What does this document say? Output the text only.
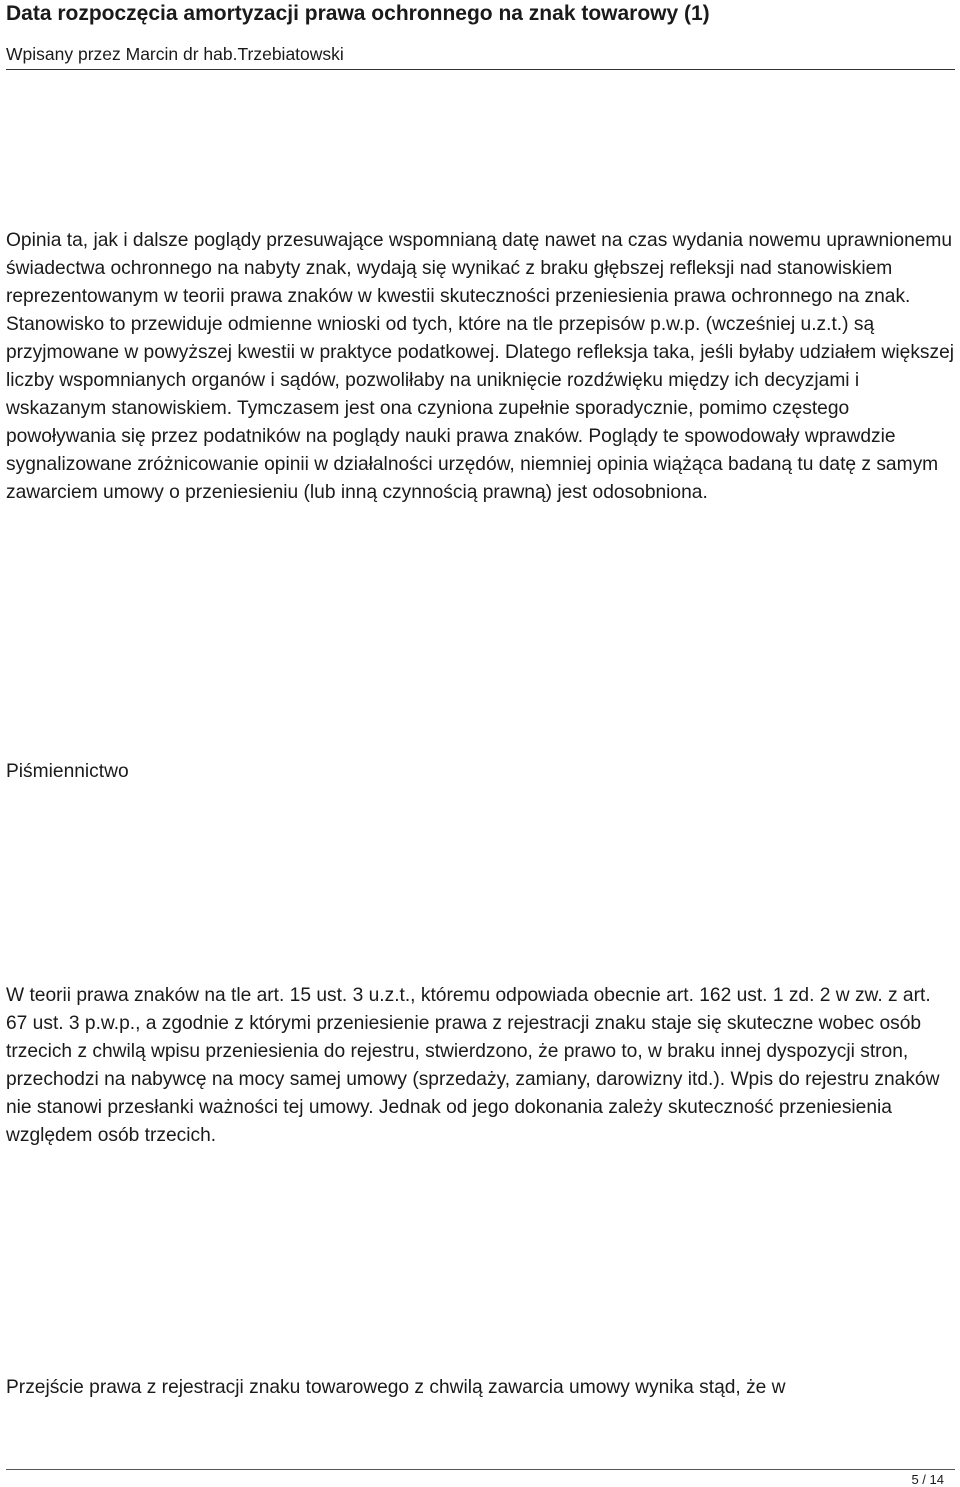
Data rozpoczęcia amortyzacji prawa ochronnego na znak towarowy (1)
Wpisany przez Marcin dr hab.Trzebiatowski

Opinia ta, jak i dalsze poglądy przesuwające wspomnianą datę nawet na czas wydania nowemu uprawnionemu świadectwa ochronnego na nabyty znak, wydają się wynikać z braku głębszej refleksji nad stanowiskiem reprezentowanym w teorii prawa znaków w kwestii skuteczności przeniesienia prawa ochronnego na znak. Stanowisko to przewiduje odmienne wnioski od tych, które na tle przepisów p.w.p. (wcześniej u.z.t.) są przyjmowane w powyższej kwestii w praktyce podatkowej. Dlatego refleksja taka, jeśli byłaby udziałem większej liczby wspomnianych organów i sądów, pozwoliłaby na uniknięcie rozdźwięku między ich decyzjami i wskazanym stanowiskiem. Tymczasem jest ona czyniona zupełnie sporadycznie, pomimo częstego powoływania się przez podatników na poglądy nauki prawa znaków. Poglądy te spowodowały wprawdzie sygnalizowane zróżnicowanie opinii w działalności urzędów, niemniej opinia wiążąca badaną tu datę z samym zawarciem umowy o przeniesieniu (lub inną czynnością prawną) jest odosobniona.

Piśmiennictwo

W teorii prawa znaków na tle art. 15 ust. 3 u.z.t., któremu odpowiada obecnie art. 162 ust. 1 zd. 2 w zw. z art. 67 ust. 3 p.w.p., a zgodnie z którymi przeniesienie prawa z rejestracji znaku staje się skuteczne wobec osób trzecich z chwilą wpisu przeniesienia do rejestru, stwierdzono, że prawo to, w braku innej dyspozycji stron, przechodzi na nabywcę na mocy samej umowy (sprzedaży, zamiany, darowizny itd.). Wpis do rejestru znaków nie stanowi przesłanki ważności tej umowy. Jednak od jego dokonania zależy skuteczność przeniesienia względem osób trzecich.

Przejście prawa z rejestracji znaku towarowego z chwilą zawarcia umowy wynika stąd, że w

5 / 14
